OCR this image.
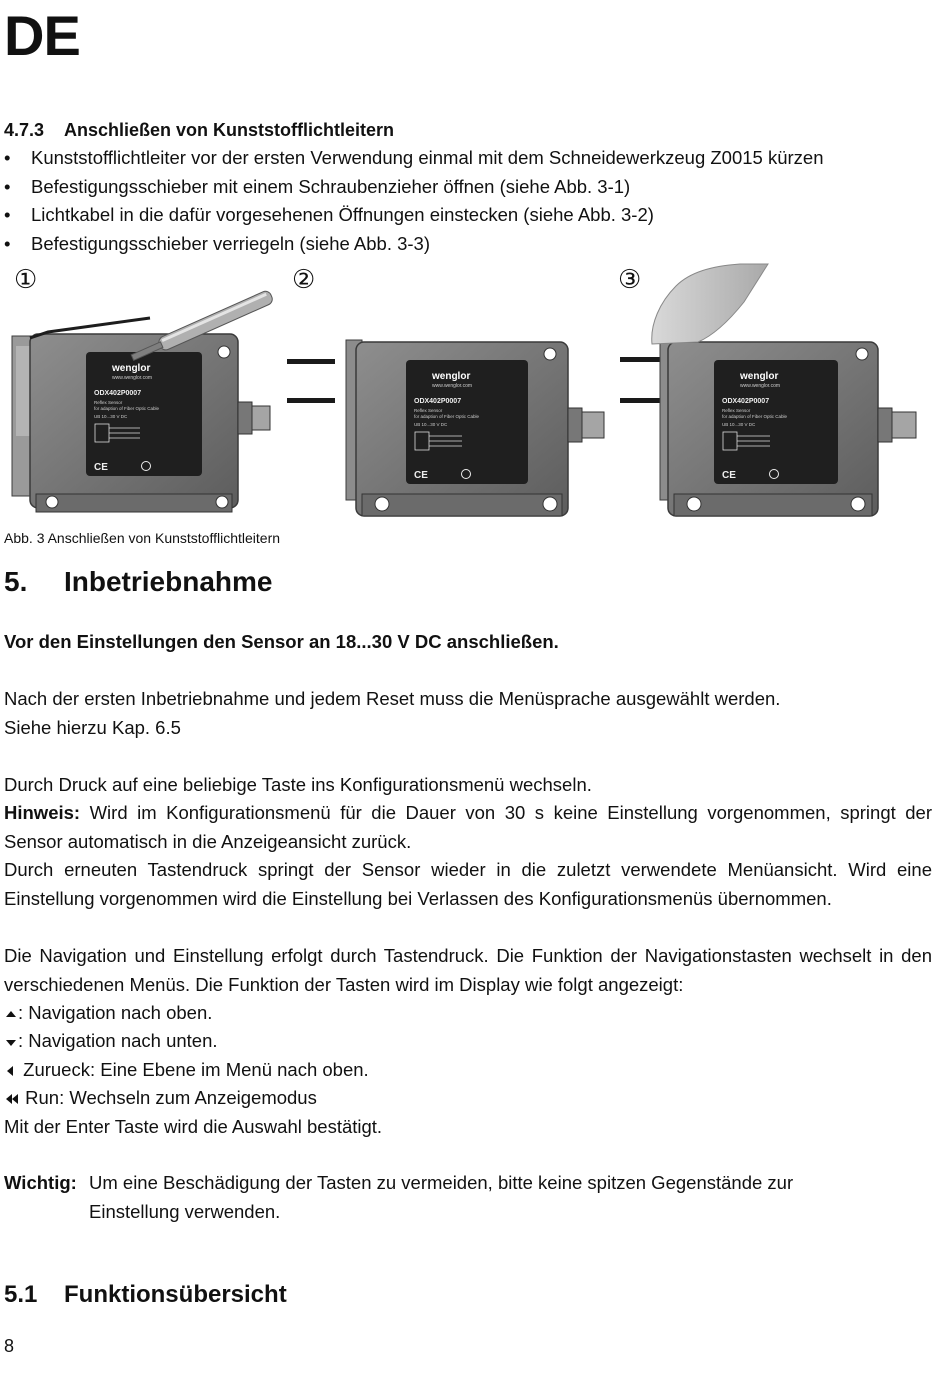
DE
4.7.3 Anschließen von Kunststofflichtleitern
• Kunststofflichtleiter vor der ersten Verwendung einmal mit dem Schneidewerkzeug Z0015 kürzen
• Befestigungsschieber mit einem Schraubenzieher öffnen (siehe Abb. 3-1)
• Lichtkabel in die dafür vorgesehenen Öffnungen einstecken (siehe Abb. 3-2)
• Befestigungsschieber verriegeln (siehe Abb. 3-3)
①	②	③
wenglor
www.wenglor.com
ODX402P0007
Reflex Sensor
for adaption of Fiber Optic Cable
UB 10...30 V DC
CE
wenglor
www.wenglor.com
ODX402P0007
Reflex Sensor
for adaption of Fiber Optic Cable
UB 10...30 V DC
CE
wenglor
www.wenglor.com
ODX402P0007
Reflex Sensor
for adaption of Fiber Optic Cable
UB 10...30 V DC
CE
Abb. 3 Anschließen von Kunststofflichtleitern
5. Inbetriebnahme
Vor den Einstellungen den Sensor an 18...30 V DC anschließen.
Nach der ersten Inbetriebnahme und jedem Reset muss die Menüsprache ausgewählt werden.
Siehe hierzu Kap. 6.5
Durch Druck auf eine beliebige Taste ins Konfigurationsmenü wechseln.
Hinweis: Wird im Konfigurationsmenü für die Dauer von 30 s keine Einstellung vorgenommen, springt der Sensor automatisch in die Anzeigeansicht zurück.
Durch erneuten Tastendruck springt der Sensor wieder in die zuletzt verwendete Menüansicht. Wird eine Einstellung vorgenommen wird die Einstellung bei Verlassen des Konfigurationsmenüs übernommen.
Die Navigation und Einstellung erfolgt durch Tastendruck. Die Funktion der Navigationstasten wechselt in den verschiedenen Menüs. Die Funktion der Tasten wird im Display wie folgt angezeigt:
: Navigation nach oben.
: Navigation nach unten.
Zurueck: Eine Ebene im Menü nach oben.
Run: Wechseln zum Anzeigemodus
Mit der Enter Taste wird die Auswahl bestätigt.
Wichtig: Um eine Beschädigung der Tasten zu vermeiden, bitte keine spitzen Gegenstände zur Einstellung verwenden.
5.1 Funktionsübersicht
8
